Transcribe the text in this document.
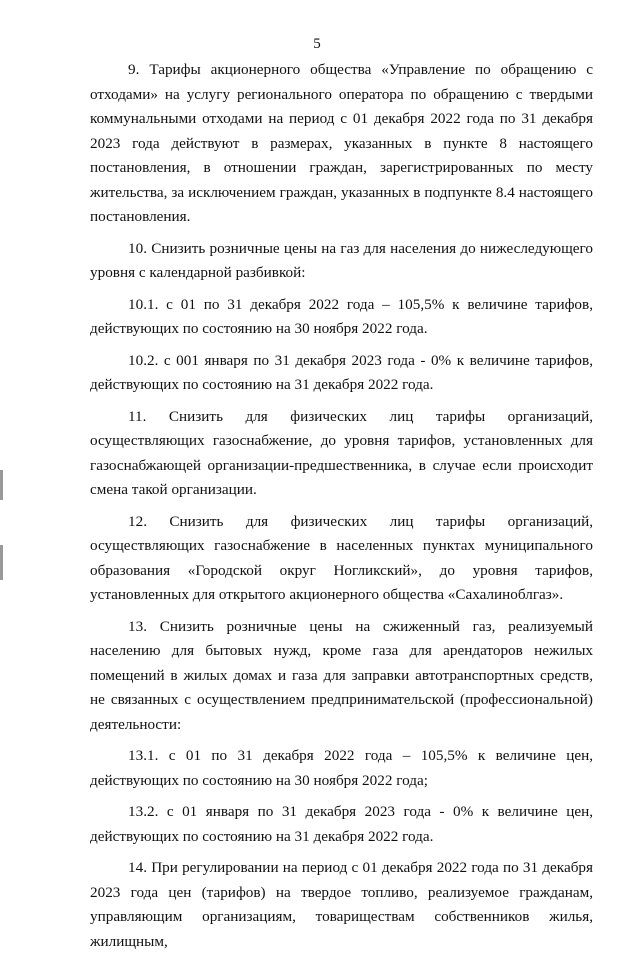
5

9. Тарифы акционерного общества «Управление по обращению с отходами» на услугу регионального оператора по обращению с твердыми коммунальными отходами на период с 01 декабря 2022 года по 31 декабря 2023 года действуют в размерах, указанных в пункте 8 настоящего постановления, в отношении граждан, зарегистрированных по месту жительства, за исключением граждан, указанных в подпункте 8.4 настоящего постановления.

10. Снизить розничные цены на газ для населения до нижеследующего уровня с календарной разбивкой:

10.1. с 01 по 31 декабря 2022 года – 105,5% к величине тарифов, действующих по состоянию на 30 ноября 2022 года.

10.2. с 001 января по 31 декабря 2023 года - 0% к величине тарифов, действующих по состоянию на 31 декабря 2022 года.

11. Снизить для физических лиц тарифы организаций, осуществляющих газоснабжение, до уровня тарифов, установленных для газоснабжающей организации-предшественника, в случае если происходит смена такой организации.

12. Снизить для физических лиц тарифы организаций, осуществляющих газоснабжение в населенных пунктах муниципального образования «Городской округ Ногликский», до уровня тарифов, установленных для открытого акционерного общества «Сахалиноблгаз».

13. Снизить розничные цены на сжиженный газ, реализуемый населению для бытовых нужд, кроме газа для арендаторов нежилых помещений в жилых домах и газа для заправки автотранспортных средств, не связанных с осуществлением предпринимательской (профессиональной) деятельности:

13.1. с 01 по 31 декабря 2022 года – 105,5% к величине цен, действующих по состоянию на 30 ноября 2022 года;

13.2. с 01 января по 31 декабря 2023 года - 0% к величине цен, действующих по состоянию на 31 декабря 2022 года.

14. При регулировании на период с 01 декабря 2022 года по 31 декабря 2023 года цен (тарифов) на твердое топливо, реализуемое гражданам, управляющим организациям, товариществам собственников жилья, жилищным,
